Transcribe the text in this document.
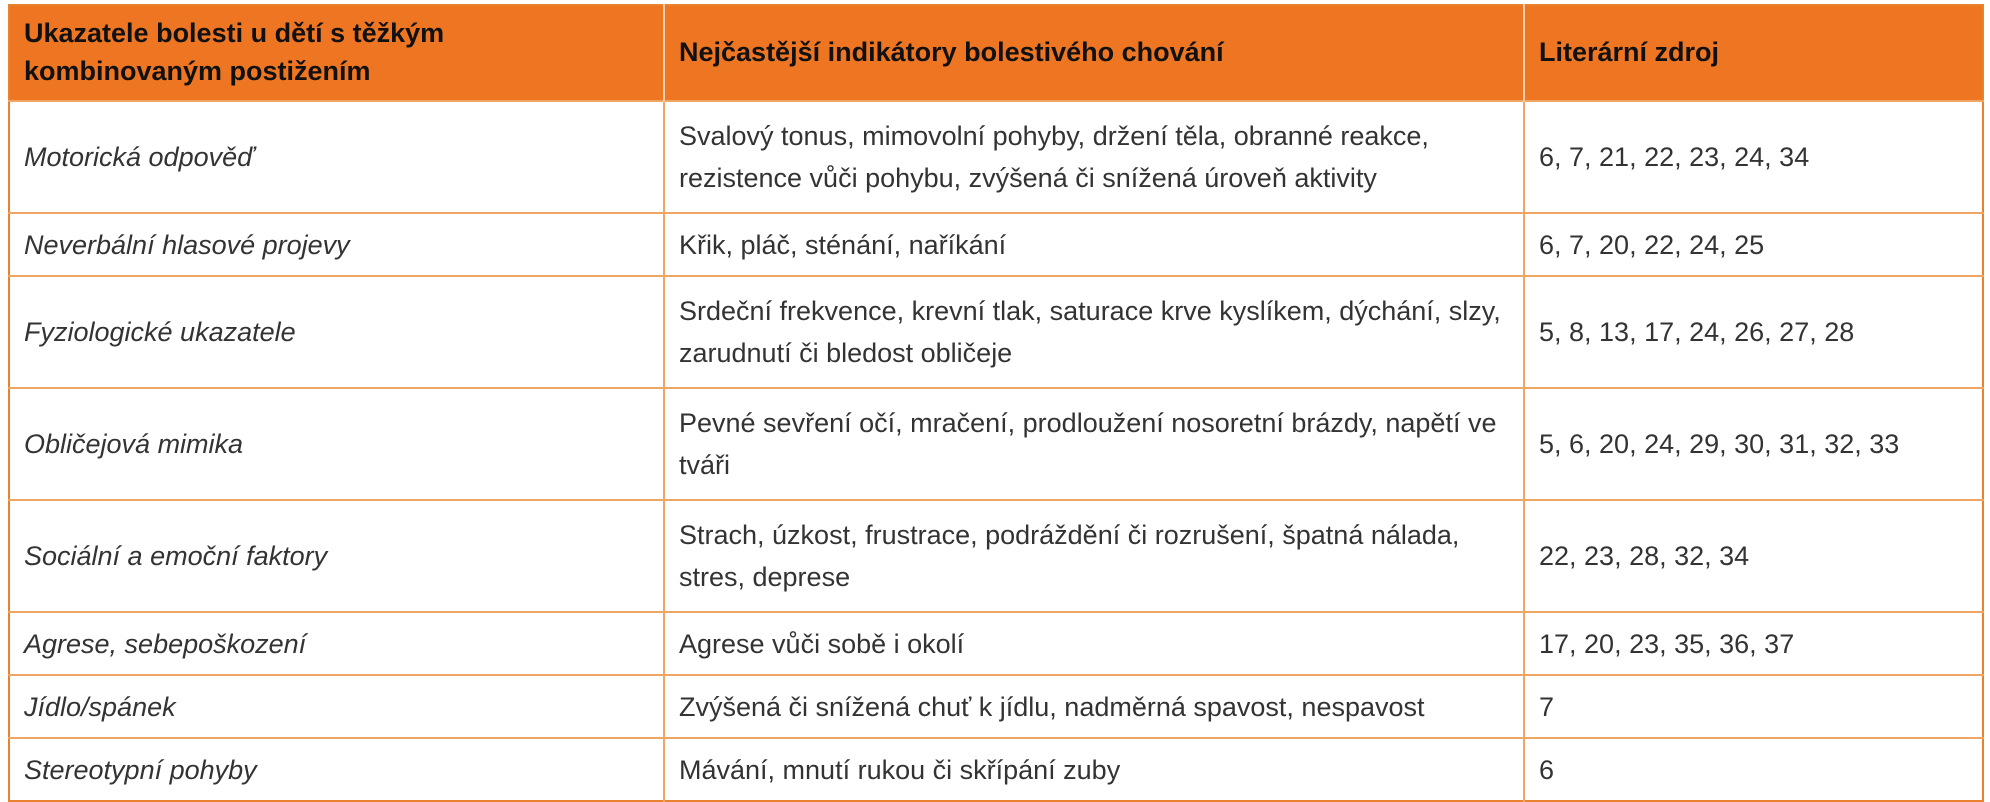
Ukazatele bolesti u dětí s těžkým kombinovaným postižením	Nejčastější indikátory bolestivého chování	Literární zdroj
Motorická odpověď	Svalový tonus, mimovolní pohyby, držení těla, obranné reakce, rezistence vůči pohybu, zvýšená či snížená úroveň aktivity	6, 7, 21, 22, 23, 24, 34
Neverbální hlasové projevy	Křik, pláč, sténání, naříkání	6, 7, 20, 22, 24, 25
Fyziologické ukazatele	Srdeční frekvence, krevní tlak, saturace krve kyslíkem, dýchání, slzy, zarudnutí či bledost obličeje	5, 8, 13, 17, 24, 26, 27, 28
Obličejová mimika	Pevné sevření očí, mračení, prodloužení nosoretní brázdy, napětí ve tváři	5, 6, 20, 24, 29, 30, 31, 32, 33
Sociální a emoční faktory	Strach, úzkost, frustrace, podráždění či rozrušení, špatná nálada, stres, deprese	22, 23, 28, 32, 34
Agrese, sebepoškození	Agrese vůči sobě i okolí	17, 20, 23, 35, 36, 37
Jídlo/spánek	Zvýšená či snížená chuť k jídlu, nadměrná spavost, nespavost	7
Stereotypní pohyby	Mávání, mnutí rukou či skřípání zuby	6
